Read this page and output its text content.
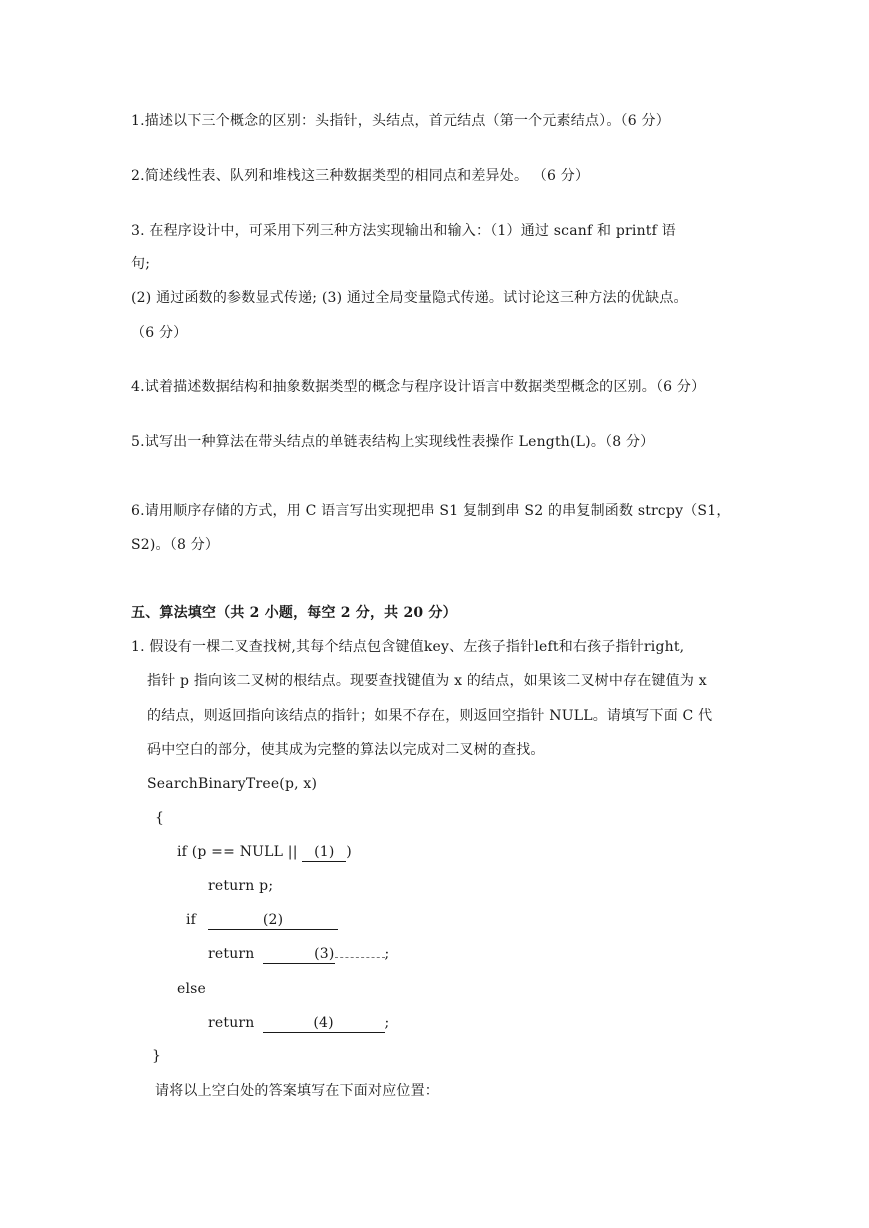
1.描述以下三个概念的区别：头指针，头结点，首元结点（第一个元素结点）。（6 分）
2.简述线性表、队列和堆栈这三种数据类型的相同点和差异处。 （6 分）
3. 在程序设计中，可采用下列三种方法实现输出和输入：（1）通过 scanf 和 printf 语
句;
(2) 通过函数的参数显式传递; (3) 通过全局变量隐式传递。试讨论这三种方法的优缺点。
（6 分）
4.试着描述数据结构和抽象数据类型的概念与程序设计语言中数据类型概念的区别。（6 分）
5.试写出一种算法在带头结点的单链表结构上实现线性表操作 Length(L)。（8 分）
6.请用顺序存储的方式，用 C 语言写出实现把串 S1 复制到串 S2 的串复制函数 strcpy（S1，
S2)。（8 分）
五、算法填空（共 2 小题，每空 2 分，共 20 分）
1. 假设有一棵二叉查找树,其每个结点包含键值key、左孩子指针left和右孩子指针right,
指针 p 指向该二叉树的根结点。现要查找键值为 x 的结点，如果该二叉树中存在键值为 x
的结点，则返回指向该结点的指针；如果不存在，则返回空指针 NULL。请填写下面 C 代
码中空白的部分，使其成为完整的算法以完成对二叉树的查找。
SearchBinaryTree(p, x)
{
if (p == NULL || (1) )
return p;
if	(2)
return	(3)	;
else
return	(4)	;
}
请将以上空白处的答案填写在下面对应位置：
